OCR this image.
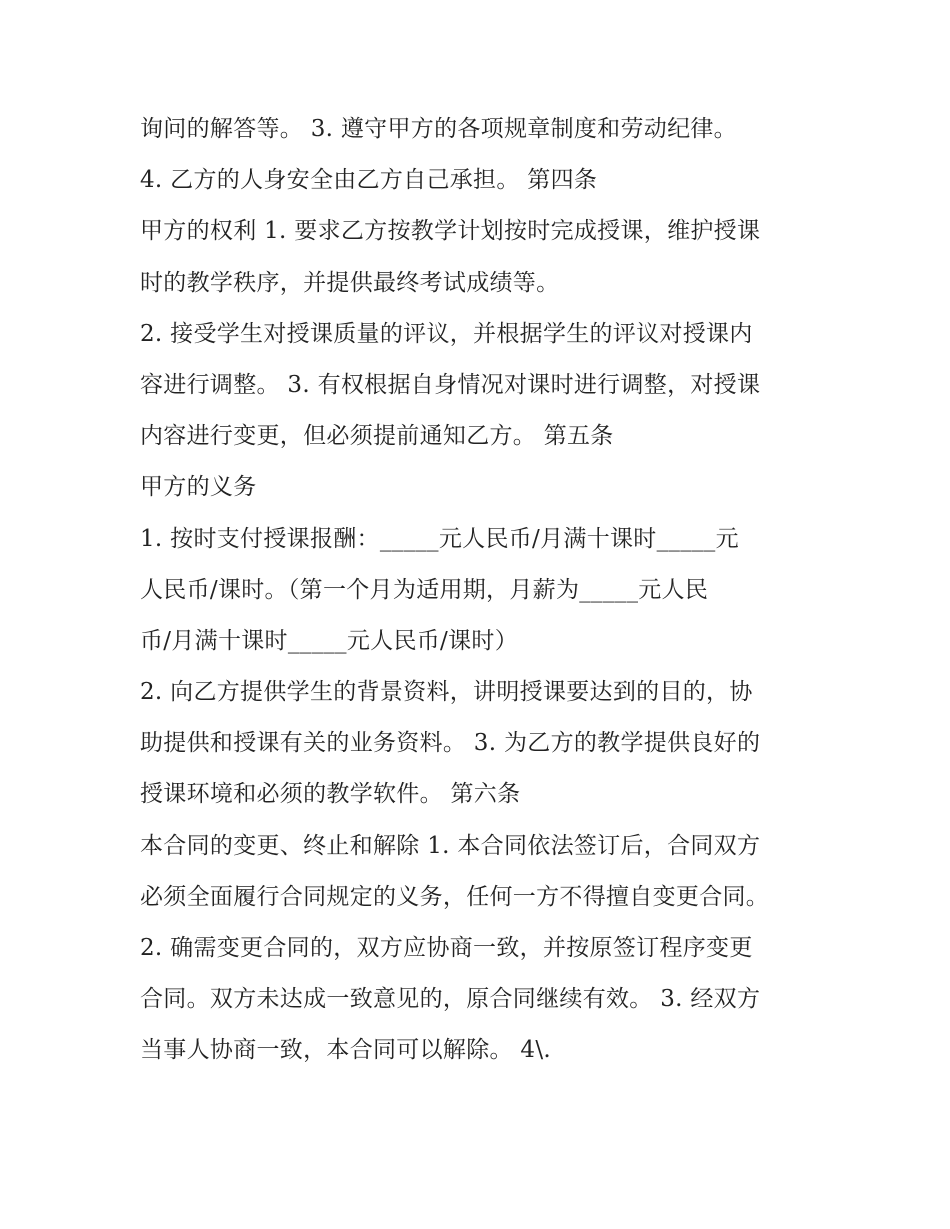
询问的解答等。 3. 遵守甲方的各项规章制度和劳动纪律。
4. 乙方的人身安全由乙方自己承担。 第四条
甲方的权利 1. 要求乙方按教学计划按时完成授课，维护授课
时的教学秩序，并提供最终考试成绩等。
2. 接受学生对授课质量的评议，并根据学生的评议对授课内
容进行调整。 3. 有权根据自身情况对课时进行调整，对授课
内容进行变更，但必须提前通知乙方。 第五条
甲方的义务
1. 按时支付授课报酬：_____元人民币/月满十课时_____元
人民币/课时。（第一个月为适用期，月薪为_____元人民
币/月满十课时_____元人民币/课时）
2. 向乙方提供学生的背景资料，讲明授课要达到的目的，协
助提供和授课有关的业务资料。 3. 为乙方的教学提供良好的
授课环境和必须的教学软件。 第六条
本合同的变更、终止和解除 1. 本合同依法签订后，合同双方
必须全面履行合同规定的义务，任何一方不得擅自变更合同。
2. 确需变更合同的，双方应协商一致，并按原签订程序变更
合同。双方未达成一致意见的，原合同继续有效。 3. 经双方
当事人协商一致，本合同可以解除。 4\.
